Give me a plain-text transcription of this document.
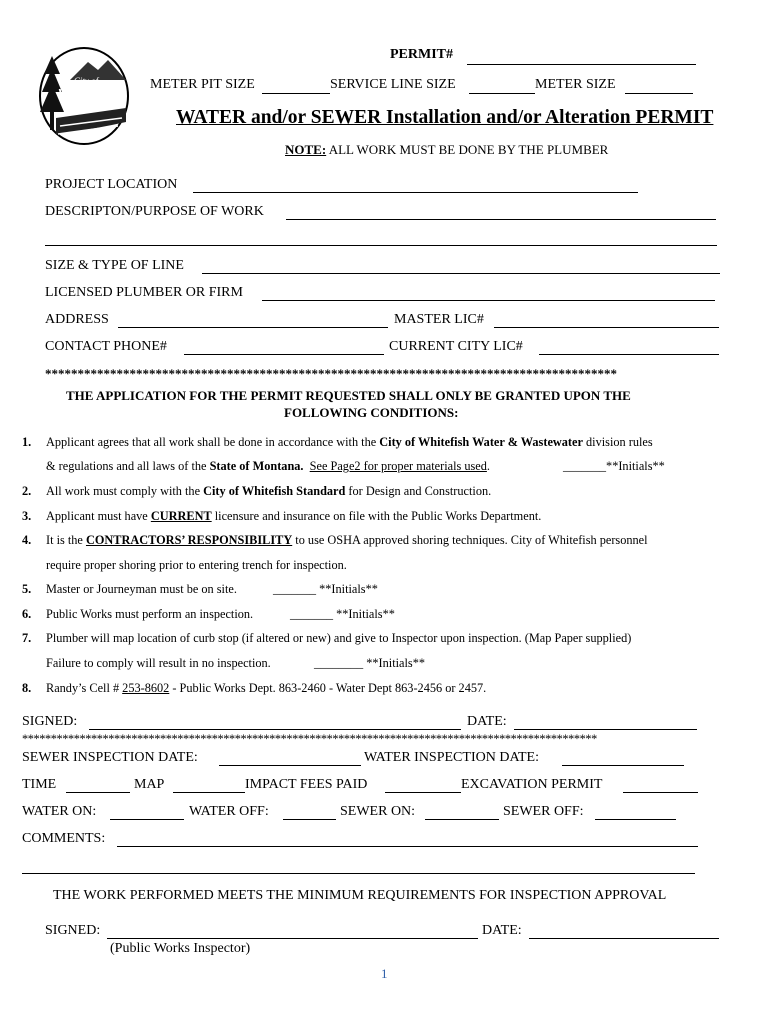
City of
Whitefish
PERMIT#
METER PIT SIZE	SERVICE LINE SIZE	METER SIZE
WATER and/or SEWER Installation and/or Alteration PERMIT
NOTE: ALL WORK MUST BE DONE BY THE PLUMBER
PROJECT LOCATION
DESCRIPTON/PURPOSE OF WORK
SIZE & TYPE OF LINE
LICENSED PLUMBER OR FIRM
ADDRESS	MASTER LIC#
CONTACT PHONE#	CURRENT CITY LIC#
****************************************************************************************
THE APPLICATION FOR THE PERMIT REQUESTED SHALL ONLY BE GRANTED UPON THE
FOLLOWING CONDITIONS:
1. Applicant agrees that all work shall be done in accordance with the City of Whitefish Water & Wastewater division rules
& regulations and all laws of the State of Montana. See Page2 for proper materials used.	_______**Initials**
2. All work must comply with the City of Whitefish Standard for Design and Construction.
3. Applicant must have CURRENT licensure and insurance on file with the Public Works Department.
4. It is the CONTRACTORS’ RESPONSIBILITY to use OSHA approved shoring techniques. City of Whitefish personnel
require proper shoring prior to entering trench for inspection.
5. Master or Journeyman must be on site.	_______ **Initials**
6. Public Works must perform an inspection.	_______ **Initials**
7. Plumber will map location of curb stop (if altered or new) and give to Inspector upon inspection. (Map Paper supplied)
Failure to comply will result in no inspection.	________ **Initials**
8. Randy’s Cell # 253-8602 - Public Works Dept. 863-2460 - Water Dept 863-2456 or 2457.
SIGNED:	DATE:
****************************************************************************************************
SEWER INSPECTION DATE:	WATER INSPECTION DATE:
TIME	MAP	IMPACT FEES PAID	EXCAVATION PERMIT
WATER ON:	WATER OFF:	SEWER ON:	SEWER OFF:
COMMENTS:
THE WORK PERFORMED MEETS THE MINIMUM REQUIREMENTS FOR INSPECTION APPROVAL
SIGNED:	DATE:
(Public Works Inspector)
1
